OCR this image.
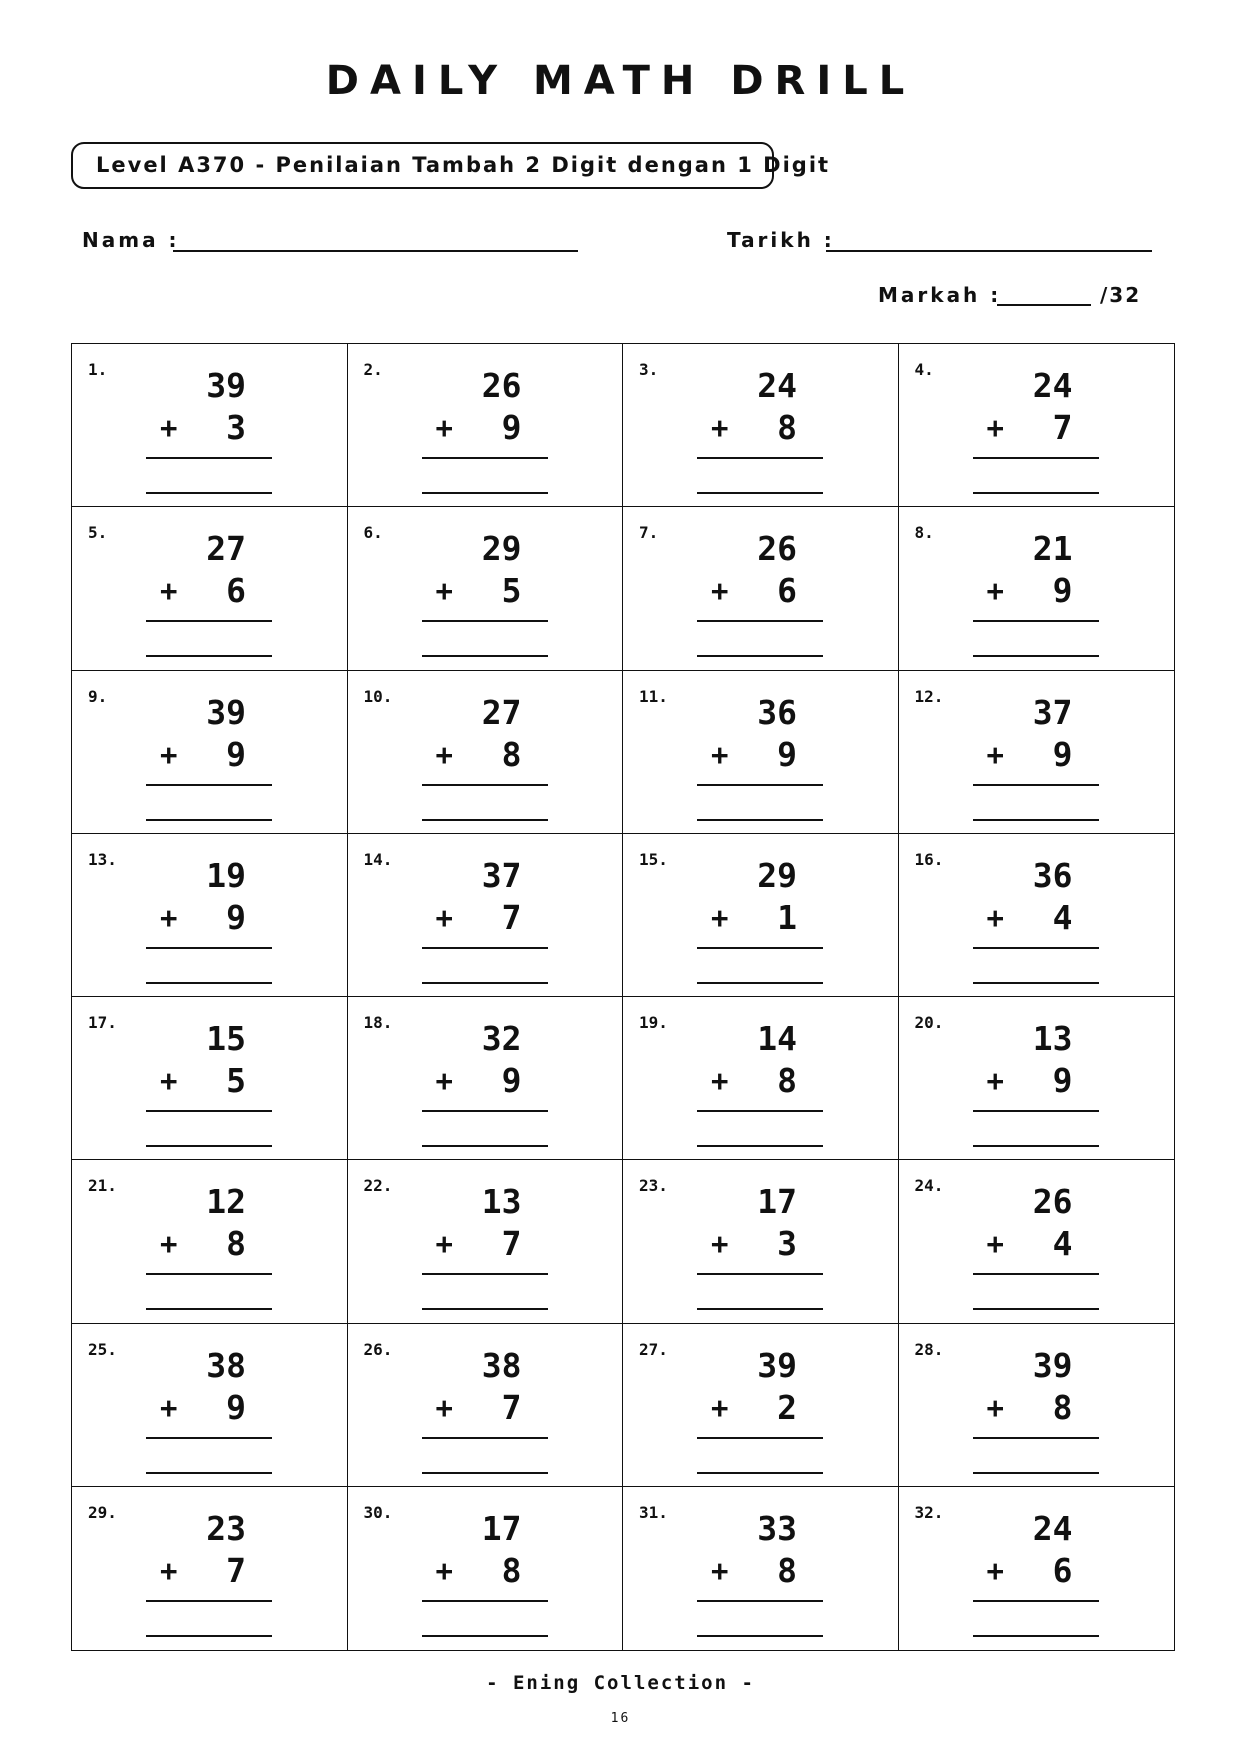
DAILY MATH DRILL
Level A370 - Penilaian Tambah 2 Digit dengan 1 Digit
Nama :	Tarikh :
Markah :	/32
1.	39
+	3
2.	26
+	9
3.	24
+	8
4.	24
+	7
5.	27
+	6
6.	29
+	5
7.	26
+	6
8.	21
+	9
9.	39
+	9
10.	27
+	8
11.	36
+	9
12.	37
+	9
13.	19
+	9
14.	37
+	7
15.	29
+	1
16.	36
+	4
17.	15
+	5
18.	32
+	9
19.	14
+	8
20.	13
+	9
21.	12
+	8
22.	13
+	7
23.	17
+	3
24.	26
+	4
25.	38
+	9
26.	38
+	7
27.	39
+	2
28.	39
+	8
29.	23
+	7
30.	17
+	8
31.	33
+	8
32.	24
+	6
- Ening Collection -
16
